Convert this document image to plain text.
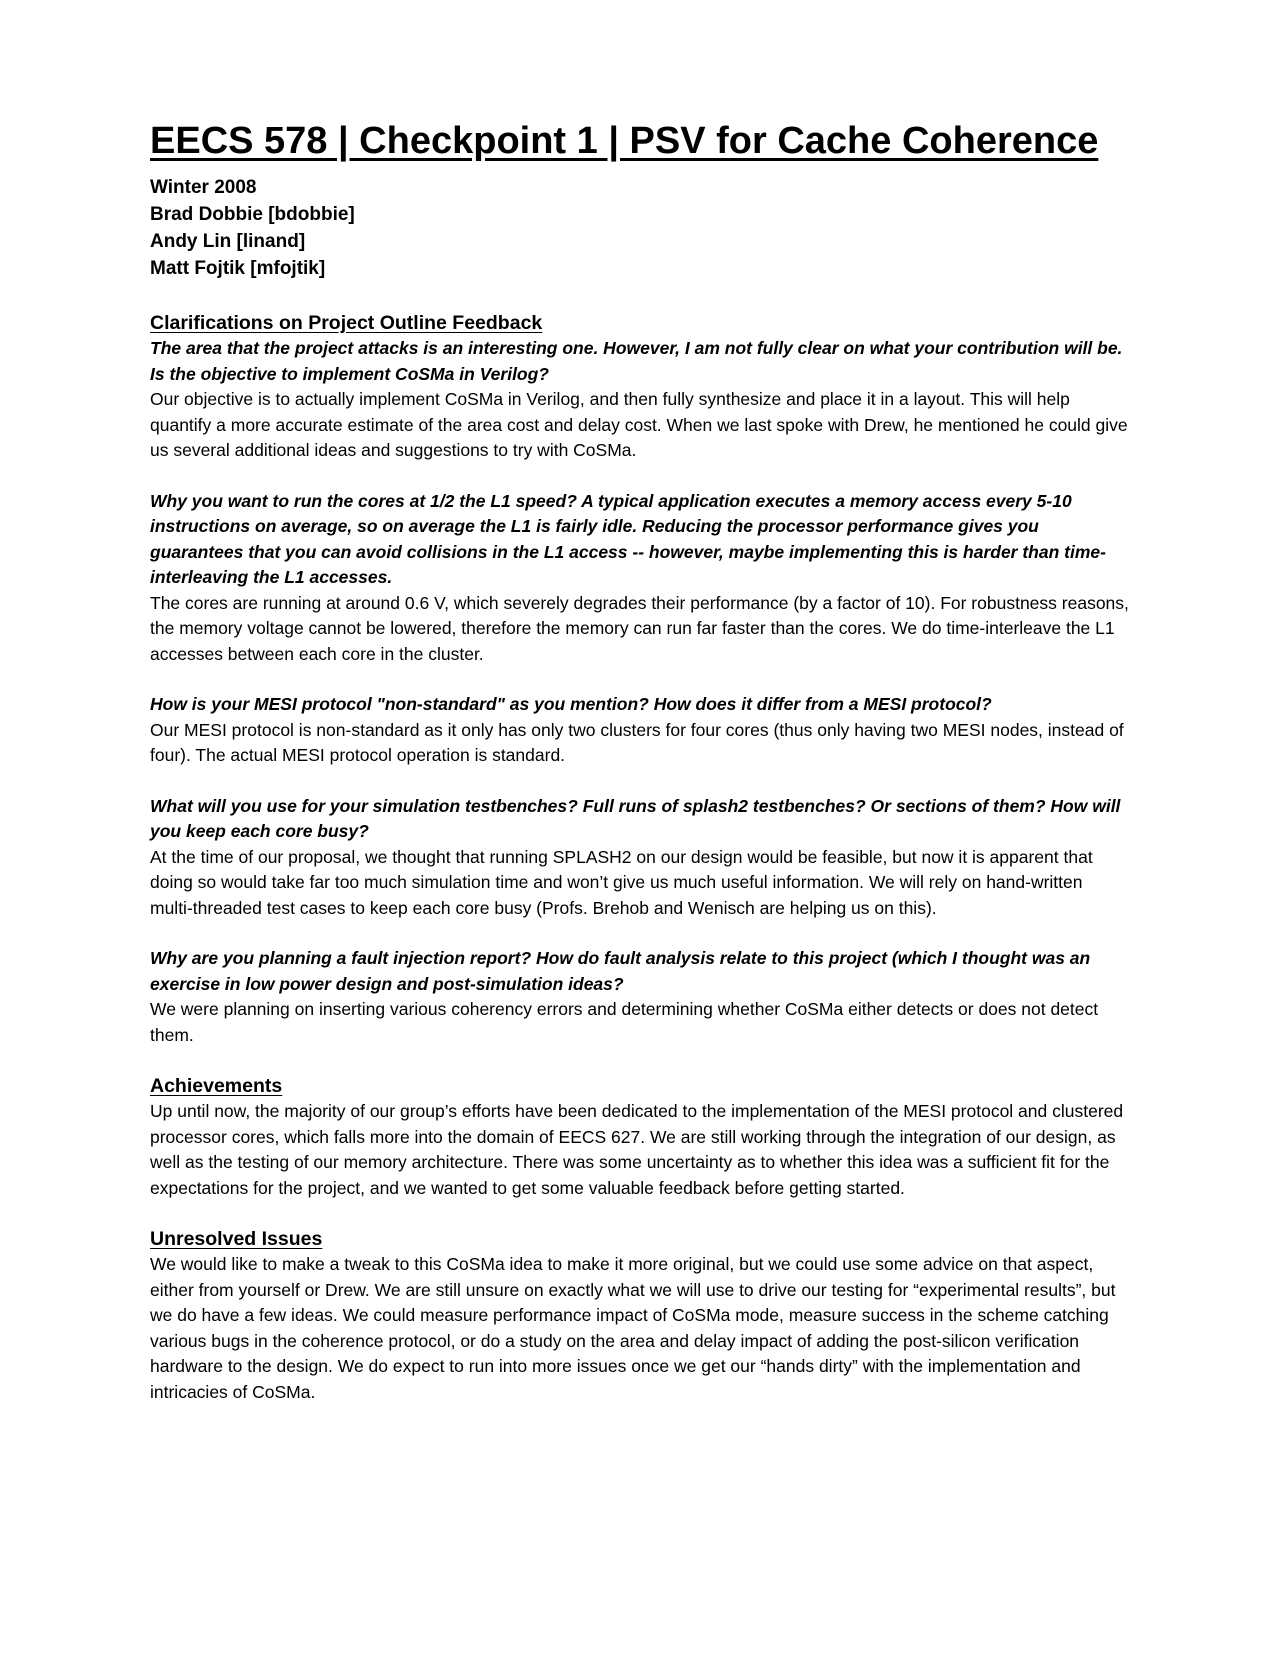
EECS 578 | Checkpoint 1 | PSV for Cache Coherence

Winter 2008

Brad Dobbie [bdobbie]

Andy Lin [linand]

Matt Fojtik [mfojtik]

Clarifications on Project Outline Feedback

The area that the project attacks is an interesting one. However, I am not fully clear on what your contribution will be. Is the objective to implement CoSMa in Verilog?

Our objective is to actually implement CoSMa in Verilog, and then fully synthesize and place it in a layout. This will help quantify a more accurate estimate of the area cost and delay cost. When we last spoke with Drew, he mentioned he could give us several additional ideas and suggestions to try with CoSMa.

Why you want to run the cores at 1/2 the L1 speed? A typical application executes a memory access every 5-10 instructions on average, so on average the L1 is fairly idle. Reducing the processor performance gives you guarantees that you can avoid collisions in the L1 access -- however, maybe implementing this is harder than time-interleaving the L1 accesses.

The cores are running at around 0.6 V, which severely degrades their performance (by a factor of 10). For robustness reasons, the memory voltage cannot be lowered, therefore the memory can run far faster than the cores. We do time-interleave the L1 accesses between each core in the cluster.

How is your MESI protocol "non-standard" as you mention? How does it differ from a MESI protocol?

Our MESI protocol is non-standard as it only has only two clusters for four cores (thus only having two MESI nodes, instead of four). The actual MESI protocol operation is standard.

What will you use for your simulation testbenches? Full runs of splash2 testbenches? Or sections of them? How will you keep each core busy?

At the time of our proposal, we thought that running SPLASH2 on our design would be feasible, but now it is apparent that doing so would take far too much simulation time and won’t give us much useful information. We will rely on hand-written multi-threaded test cases to keep each core busy (Profs. Brehob and Wenisch are helping us on this).

Why are you planning a fault injection report? How do fault analysis relate to this project (which I thought was an exercise in low power design and post-simulation ideas?

We were planning on inserting various coherency errors and determining whether CoSMa either detects or does not detect them.

Achievements

Up until now, the majority of our group’s efforts have been dedicated to the implementation of the MESI protocol and clustered processor cores, which falls more into the domain of EECS 627. We are still working through the integration of our design, as well as the testing of our memory architecture. There was some uncertainty as to whether this idea was a sufficient fit for the expectations for the project, and we wanted to get some valuable feedback before getting started.

Unresolved Issues

We would like to make a tweak to this CoSMa idea to make it more original, but we could use some advice on that aspect, either from yourself or Drew. We are still unsure on exactly what we will use to drive our testing for “experimental results”, but we do have a few ideas. We could measure performance impact of CoSMa mode, measure success in the scheme catching various bugs in the coherence protocol, or do a study on the area and delay impact of adding the post-silicon verification hardware to the design. We do expect to run into more issues once we get our “hands dirty” with the implementation and intricacies of CoSMa.
